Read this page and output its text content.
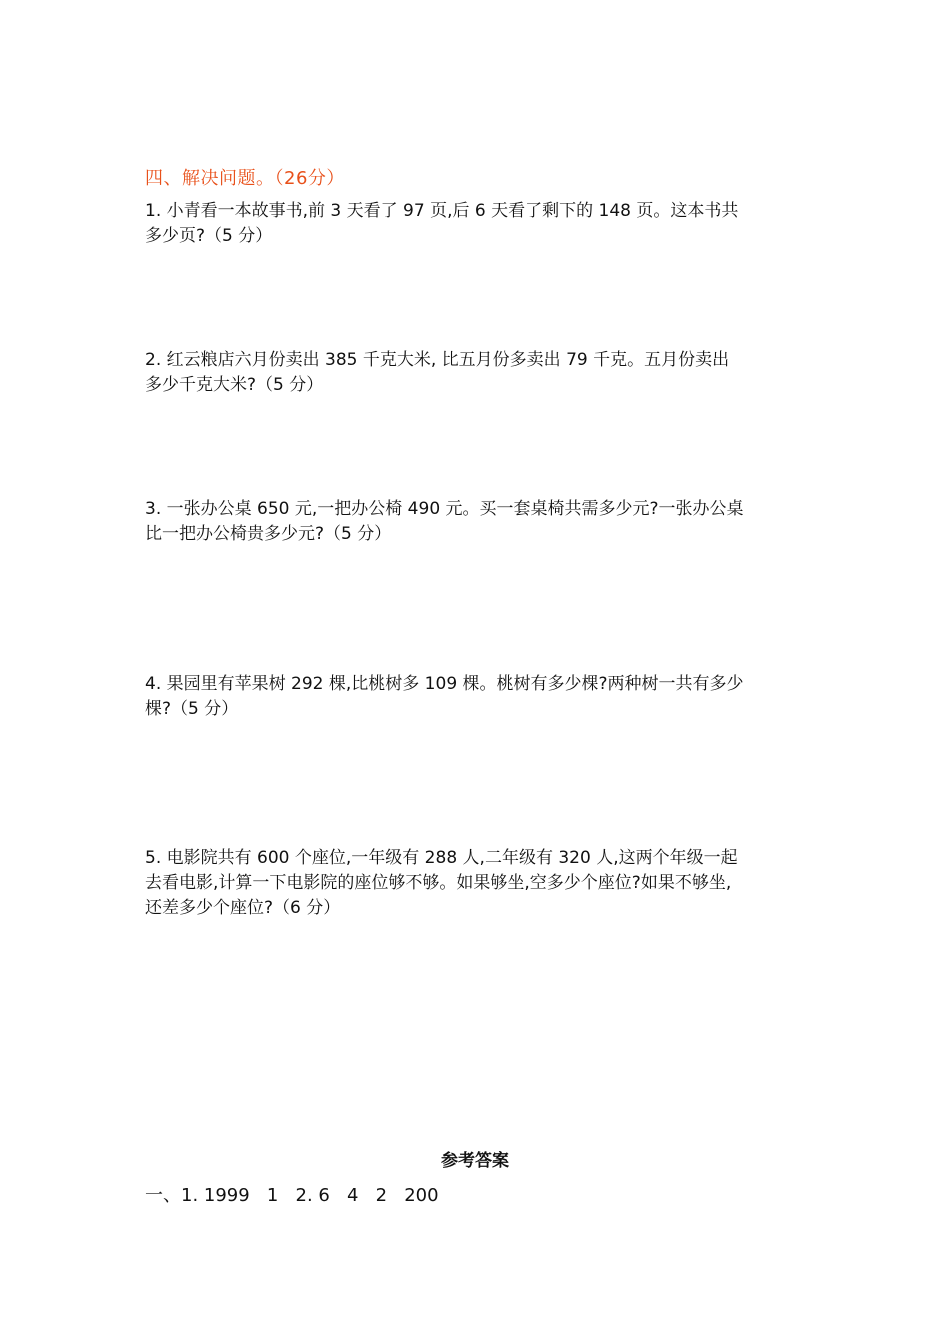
四、解决问题。（26分）
1. 小青看一本故事书,前 3 天看了 97 页,后 6 天看了剩下的 148 页。这本书共
多少页?（5 分）
2. 红云粮店六月份卖出 385 千克大米, 比五月份多卖出 79 千克。五月份卖出
多少千克大米?（5 分）
3. 一张办公桌 650 元,一把办公椅 490 元。买一套桌椅共需多少元?一张办公桌
比一把办公椅贵多少元?（5 分）
4. 果园里有苹果树 292 棵,比桃树多 109 棵。桃树有多少棵?两种树一共有多少
棵?（5 分）
5. 电影院共有 600 个座位,一年级有 288 人,二年级有 320 人,这两个年级一起
去看电影,计算一下电影院的座位够不够。如果够坐,空多少个座位?如果不够坐,
还差多少个座位?（6 分）
参考答案
一、1. 1999   1   2. 6   4   2   200
